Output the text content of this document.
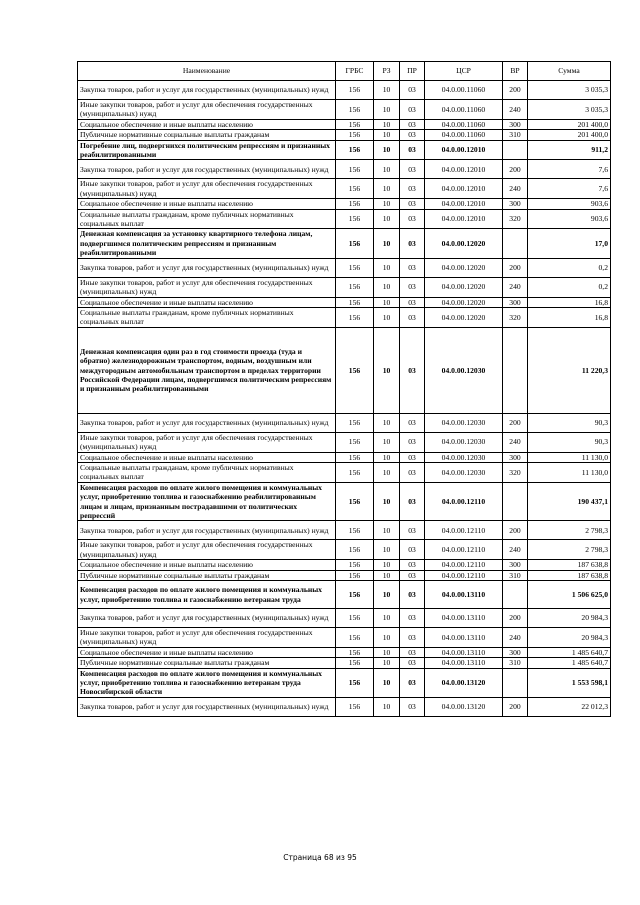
Наименование	ГРБС	РЗ	ПР	ЦСР	ВР	Сумма
Закупка товаров, работ и услуг для государственных (муниципальных) нужд	156	10	03	04.0.00.11060	200	3 035,3
Иные закупки товаров, работ и услуг для обеспечения государственных (муниципальных) нужд	156	10	03	04.0.00.11060	240	3 035,3
Социальное обеспечение и иные выплаты населению	156	10	03	04.0.00.11060	300	201 400,0
Публичные нормативные социальные выплаты гражданам	156	10	03	04.0.00.11060	310	201 400,0
Погребение лиц, подвергнихся политическим репрессиям и признанных реабилитированными	156	10	03	04.0.00.12010		911,2
Закупка товаров, работ и услуг для государственных (муниципальных) нужд	156	10	03	04.0.00.12010	200	7,6
Иные закупки товаров, работ и услуг для обеспечения государственных (муниципальных) нужд	156	10	03	04.0.00.12010	240	7,6
Социальное обеспечение и иные выплаты населению	156	10	03	04.0.00.12010	300	903,6
Социальные выплаты гражданам, кроме публичных нормативных социальных выплат	156	10	03	04.0.00.12010	320	903,6
Денежная компенсация за установку квартирного телефона лицам, подвергшимся политическим репрессиям и признанным реабилитированными	156	10	03	04.0.00.12020		17,0
Закупка товаров, работ и услуг для государственных (муниципальных) нужд	156	10	03	04.0.00.12020	200	0,2
Иные закупки товаров, работ и услуг для обеспечения государственных (муниципальных) нужд	156	10	03	04.0.00.12020	240	0,2
Социальное обеспечение и иные выплаты населению	156	10	03	04.0.00.12020	300	16,8
Социальные выплаты гражданам, кроме публичных нормативных социальных выплат	156	10	03	04.0.00.12020	320	16,8
Денежная компенсация один раз в год стоимости проезда (туда и обратно) железнодорожным транспортом, водным, воздушным или междугородным автомобильным транспортом в пределах территории Российской Федерации лицам, подвергшимся политическим репрессиям и признанным реабилитированными	156	10	03	04.0.00.12030		11 220,3
Закупка товаров, работ и услуг для государственных (муниципальных) нужд	156	10	03	04.0.00.12030	200	90,3
Иные закупки товаров, работ и услуг для обеспечения государственных (муниципальных) нужд	156	10	03	04.0.00.12030	240	90,3
Социальное обеспечение и иные выплаты населению	156	10	03	04.0.00.12030	300	11 130,0
Социальные выплаты гражданам, кроме публичных нормативных социальных выплат	156	10	03	04.0.00.12030	320	11 130,0
Компенсация расходов по оплате жилого помещения и коммунальных услуг, приобретению топлива и газоснабжению реабилитированным лицам и лицам, признанным пострадавшими от политических репрессий	156	10	03	04.0.00.12110		190 437,1
Закупка товаров, работ и услуг для государственных (муниципальных) нужд	156	10	03	04.0.00.12110	200	2 798,3
Иные закупки товаров, работ и услуг для обеспечения государственных (муниципальных) нужд	156	10	03	04.0.00.12110	240	2 798,3
Социальное обеспечение и иные выплаты населению	156	10	03	04.0.00.12110	300	187 638,8
Публичные нормативные социальные выплаты гражданам	156	10	03	04.0.00.12110	310	187 638,8
Компенсация расходов по оплате жилого помещения и коммунальных услуг, приобретению топлива и газоснабжению ветеранам труда	156	10	03	04.0.00.13110		1 506 625,0
Закупка товаров, работ и услуг для государственных (муниципальных) нужд	156	10	03	04.0.00.13110	200	20 984,3
Иные закупки товаров, работ и услуг для обеспечения государственных (муниципальных) нужд	156	10	03	04.0.00.13110	240	20 984,3
Социальное обеспечение и иные выплаты населению	156	10	03	04.0.00.13110	300	1 485 640,7
Публичные нормативные социальные выплаты гражданам	156	10	03	04.0.00.13110	310	1 485 640,7
Компенсация расходов по оплате жилого помещения и коммунальных услуг, приобретению топлива и газоснабжению ветеранам труда Новосибирской области	156	10	03	04.0.00.13120		1 553 598,1
Закупка товаров, работ и услуг для государственных (муниципальных) нужд	156	10	03	04.0.00.13120	200	22 012,3
Страница 68 из 95
